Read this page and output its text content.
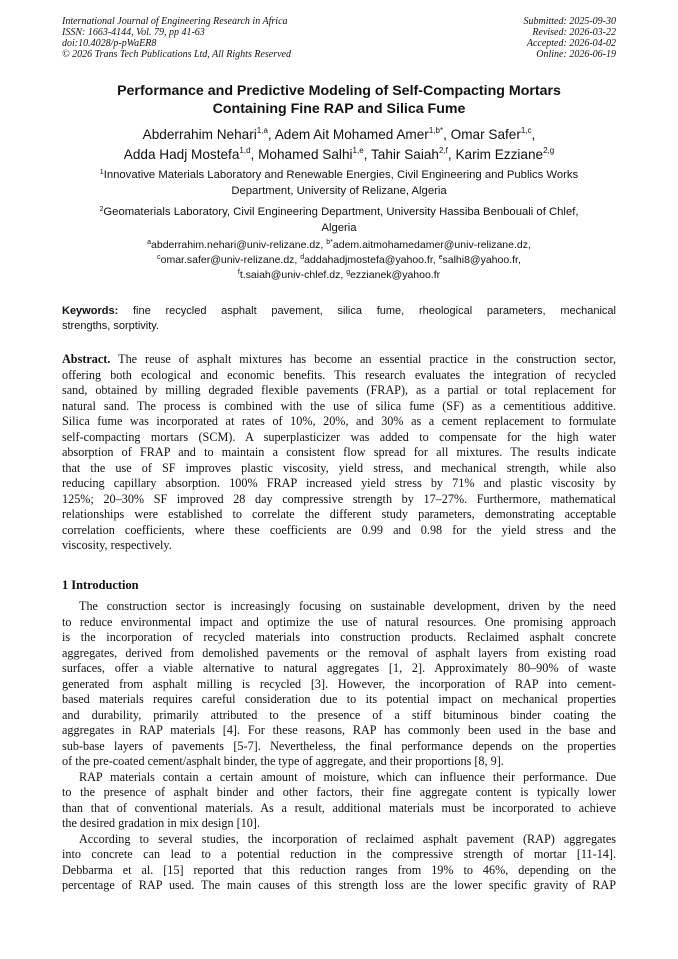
International Journal of Engineering Research in Africa
ISSN: 1663-4144, Vol. 79, pp 41-63
doi:10.4028/p-pWaER8
© 2026 Trans Tech Publications Ltd, All Rights Reserved
Submitted: 2025-09-30
Revised: 2026-03-22
Accepted: 2026-04-02
Online: 2026-06-19
Performance and Predictive Modeling of Self-Compacting Mortars
Containing Fine RAP and Silica Fume
Abderrahim Nehari$^{1,a}$, Adem Ait Mohamed Amer$^{1,b*}$, Omar Safer$^{1,c}$,
Adda Hadj Mostefa$^{1,d}$, Mohamed Salhi$^{1,e}$, Tahir Saiah$^{2,f}$, Karim Ezziane$^{2,g}$
$^1$Innovative Materials Laboratory and Renewable Energies, Civil Engineering and Publics Works
Department, University of Relizane, Algeria
$^2$Geomaterials Laboratory, Civil Engineering Department, University Hassiba Benbouali of Chlef,
Algeria
$^a$abderrahim.nehari@univ-relizane.dz, $^{b*}$adem.aitmohamedamer@univ-relizane.dz,
$^c$omar.safer@univ-relizane.dz, $^d$addahadjmostefa@yahoo.fr, $^e$salhi8@yahoo.fr,
$^f$t.saiah@univ-chlef.dz, $^g$ezzianek@yahoo.fr
Keywords: fine recycled asphalt pavement, silica fume, rheological parameters, mechanical
strengths, sorptivity.
Abstract. The reuse of asphalt mixtures has become an essential practice in the construction sector,
offering both ecological and economic benefits. This research evaluates the integration of recycled
sand, obtained by milling degraded flexible pavements (FRAP), as a partial or total replacement for
natural sand. The process is combined with the use of silica fume (SF) as a cementitious additive.
Silica fume was incorporated at rates of 10%, 20%, and 30% as a cement replacement to formulate
self-compacting mortars (SCM). A superplasticizer was added to compensate for the high water
absorption of FRAP and to maintain a consistent flow spread for all mixtures. The results indicate
that the use of SF improves plastic viscosity, yield stress, and mechanical strength, while also
reducing capillary absorption. 100% FRAP increased yield stress by 71% and plastic viscosity by
125%; 20–30% SF improved 28 day compressive strength by 17–27%. Furthermore, mathematical
relationships were established to correlate the different study parameters, demonstrating acceptable
correlation coefficients, where these coefficients are 0.99 and 0.98 for the yield stress and the
viscosity, respectively.
1 Introduction
The construction sector is increasingly focusing on sustainable development, driven by the need
to reduce environmental impact and optimize the use of natural resources. One promising approach
is the incorporation of recycled materials into construction products. Reclaimed asphalt concrete
aggregates, derived from demolished pavements or the removal of asphalt layers from existing road
surfaces, offer a viable alternative to natural aggregates [1, 2]. Approximately 80–90% of waste
generated from asphalt milling is recycled [3]. However, the incorporation of RAP into cement-
based materials requires careful consideration due to its potential impact on mechanical properties
and durability, primarily attributed to the presence of a stiff bituminous binder coating the
aggregates in RAP materials [4]. For these reasons, RAP has commonly been used in the base and
sub-base layers of pavements [5-7]. Nevertheless, the final performance depends on the properties
of the pre-coated cement/asphalt binder, the type of aggregate, and their proportions [8, 9].
RAP materials contain a certain amount of moisture, which can influence their performance. Due
to the presence of asphalt binder and other factors, their fine aggregate content is typically lower
than that of conventional materials. As a result, additional materials must be incorporated to achieve
the desired gradation in mix design [10].
According to several studies, the incorporation of reclaimed asphalt pavement (RAP) aggregates
into concrete can lead to a potential reduction in the compressive strength of mortar [11-14].
Debbarma et al. [15] reported that this reduction ranges from 19% to 46%, depending on the
percentage of RAP used. The main causes of this strength loss are the lower specific gravity of RAP
